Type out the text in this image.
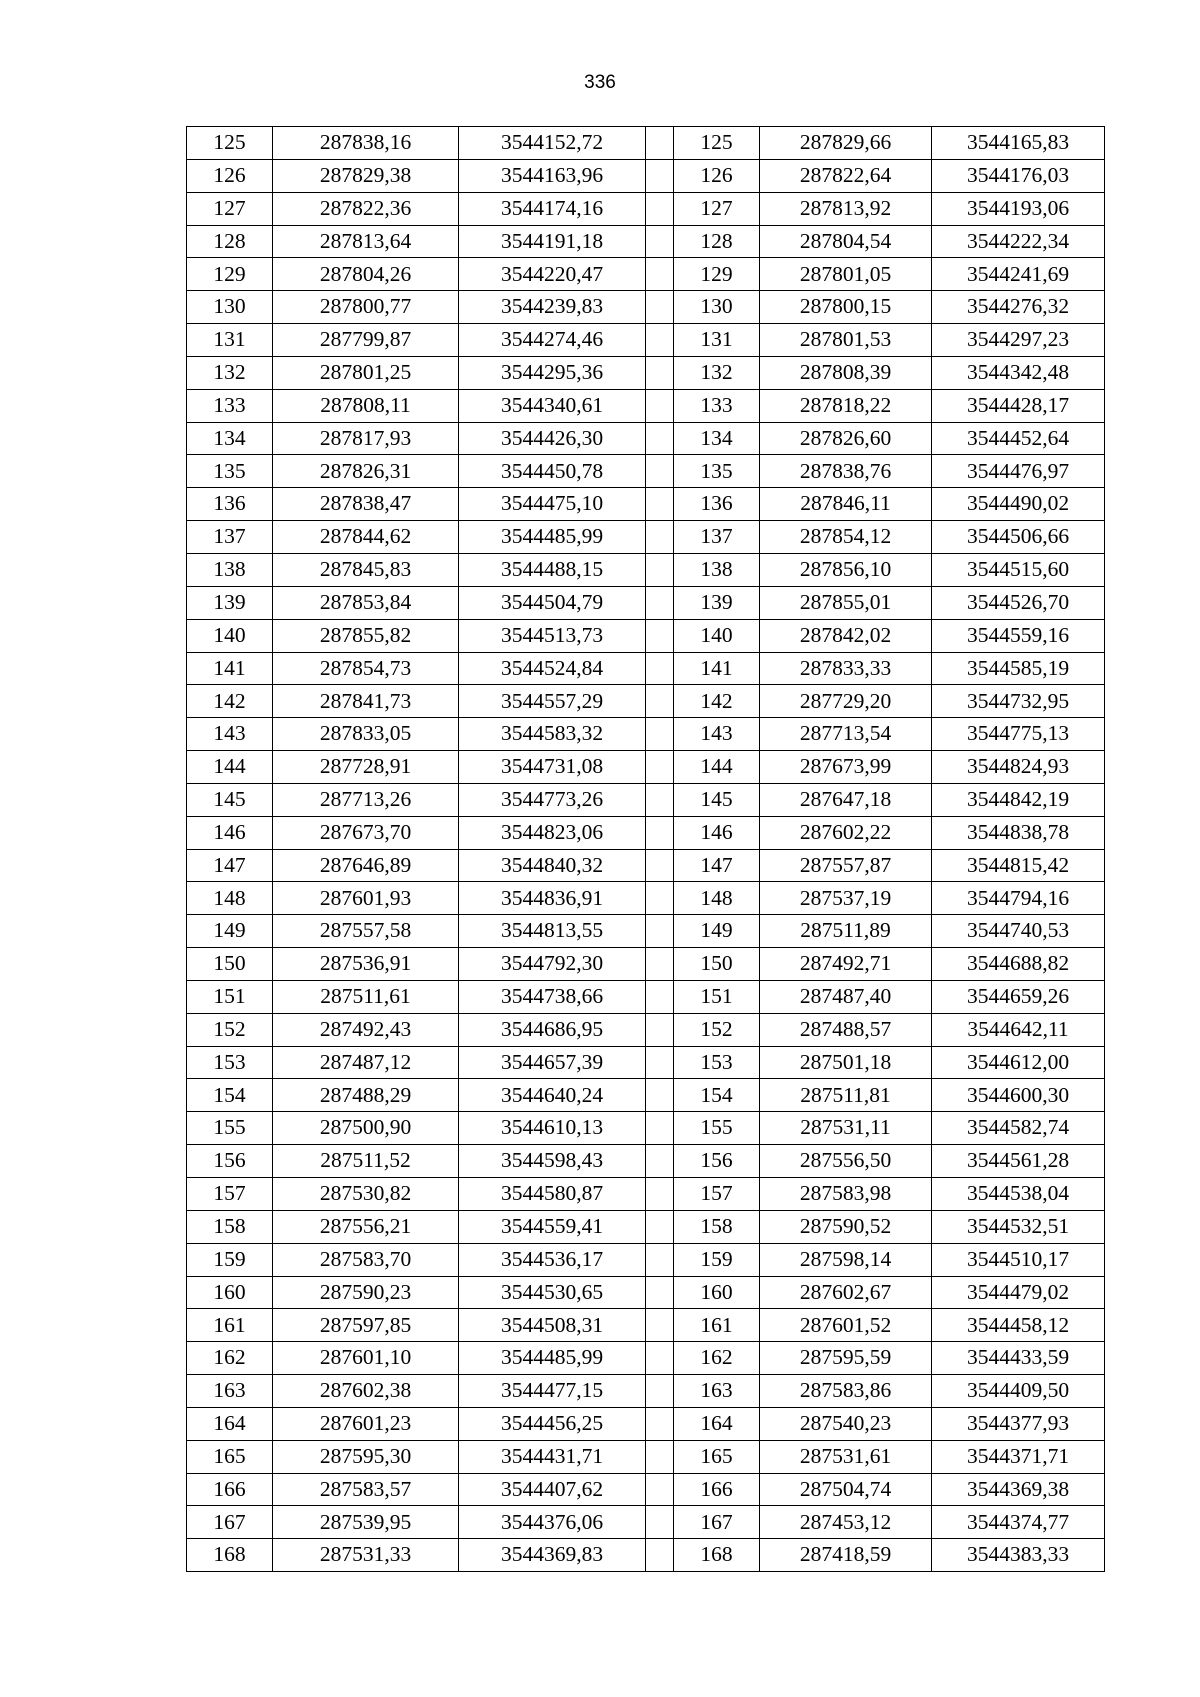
336
125	287838,16	3544152,72		125	287829,66	3544165,83
126	287829,38	3544163,96		126	287822,64	3544176,03
127	287822,36	3544174,16		127	287813,92	3544193,06
128	287813,64	3544191,18		128	287804,54	3544222,34
129	287804,26	3544220,47		129	287801,05	3544241,69
130	287800,77	3544239,83		130	287800,15	3544276,32
131	287799,87	3544274,46		131	287801,53	3544297,23
132	287801,25	3544295,36		132	287808,39	3544342,48
133	287808,11	3544340,61		133	287818,22	3544428,17
134	287817,93	3544426,30		134	287826,60	3544452,64
135	287826,31	3544450,78		135	287838,76	3544476,97
136	287838,47	3544475,10		136	287846,11	3544490,02
137	287844,62	3544485,99		137	287854,12	3544506,66
138	287845,83	3544488,15		138	287856,10	3544515,60
139	287853,84	3544504,79		139	287855,01	3544526,70
140	287855,82	3544513,73		140	287842,02	3544559,16
141	287854,73	3544524,84		141	287833,33	3544585,19
142	287841,73	3544557,29		142	287729,20	3544732,95
143	287833,05	3544583,32		143	287713,54	3544775,13
144	287728,91	3544731,08		144	287673,99	3544824,93
145	287713,26	3544773,26		145	287647,18	3544842,19
146	287673,70	3544823,06		146	287602,22	3544838,78
147	287646,89	3544840,32		147	287557,87	3544815,42
148	287601,93	3544836,91		148	287537,19	3544794,16
149	287557,58	3544813,55		149	287511,89	3544740,53
150	287536,91	3544792,30		150	287492,71	3544688,82
151	287511,61	3544738,66		151	287487,40	3544659,26
152	287492,43	3544686,95		152	287488,57	3544642,11
153	287487,12	3544657,39		153	287501,18	3544612,00
154	287488,29	3544640,24		154	287511,81	3544600,30
155	287500,90	3544610,13		155	287531,11	3544582,74
156	287511,52	3544598,43		156	287556,50	3544561,28
157	287530,82	3544580,87		157	287583,98	3544538,04
158	287556,21	3544559,41		158	287590,52	3544532,51
159	287583,70	3544536,17		159	287598,14	3544510,17
160	287590,23	3544530,65		160	287602,67	3544479,02
161	287597,85	3544508,31		161	287601,52	3544458,12
162	287601,10	3544485,99		162	287595,59	3544433,59
163	287602,38	3544477,15		163	287583,86	3544409,50
164	287601,23	3544456,25		164	287540,23	3544377,93
165	287595,30	3544431,71		165	287531,61	3544371,71
166	287583,57	3544407,62		166	287504,74	3544369,38
167	287539,95	3544376,06		167	287453,12	3544374,77
168	287531,33	3544369,83		168	287418,59	3544383,33
